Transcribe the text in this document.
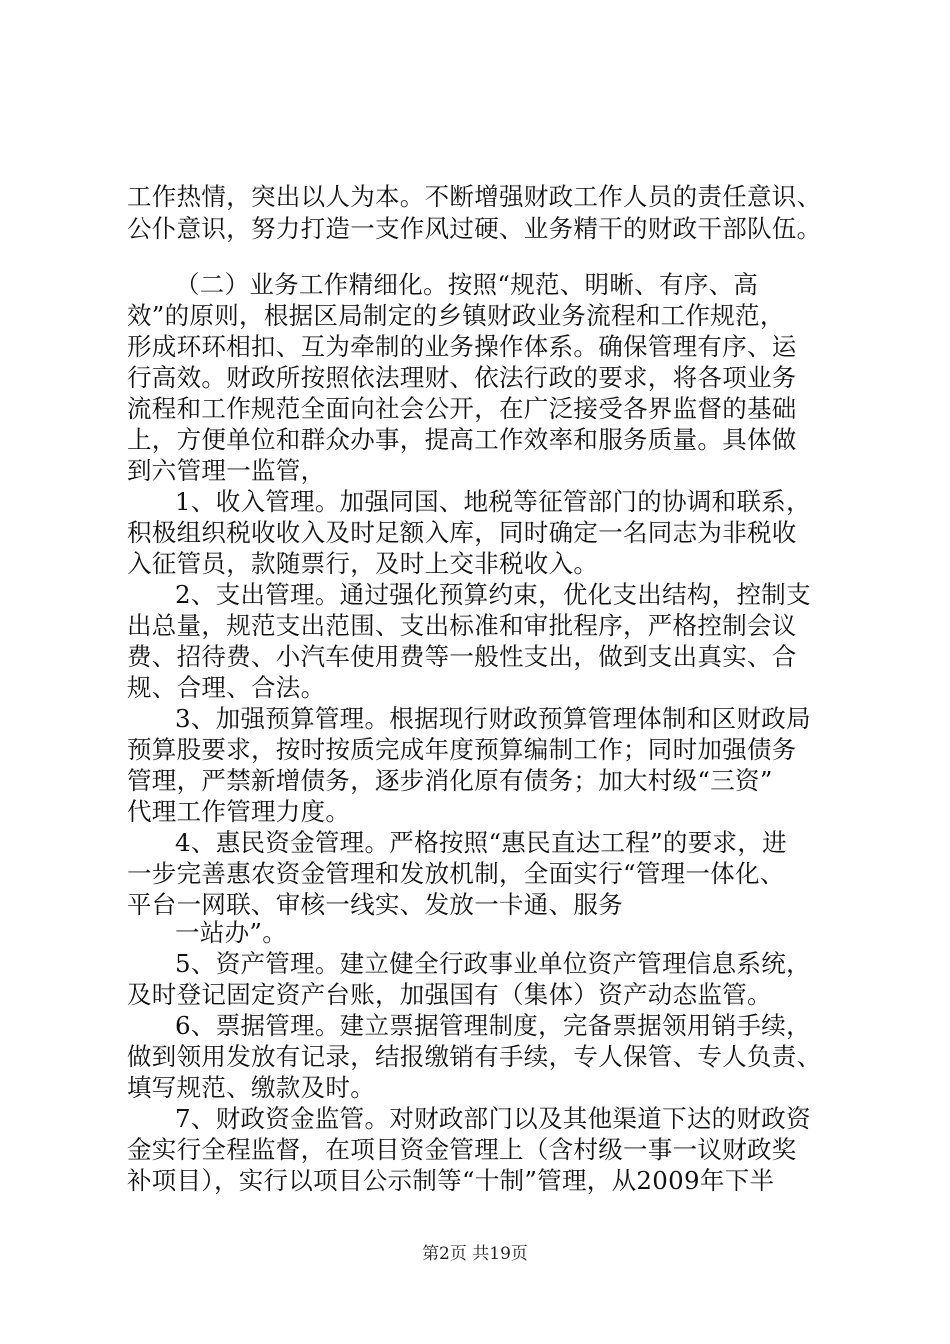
工作热情，突出以人为本。不断增强财政工作人员的责任意识、
公仆意识，努力打造一支作风过硬、业务精干的财政干部队伍。
（二）业务工作精细化。按照“规范、明晰、有序、高
效”的原则，根据区局制定的乡镇财政业务流程和工作规范，
形成环环相扣、互为牵制的业务操作体系。确保管理有序、运
行高效。财政所按照依法理财、依法行政的要求，将各项业务
流程和工作规范全面向社会公开，在广泛接受各界监督的基础
上，方便单位和群众办事，提高工作效率和服务质量。具体做
到六管理一监管，
1、收入管理。加强同国、地税等征管部门的协调和联系，
积极组织税收收入及时足额入库，同时确定一名同志为非税收
入征管员，款随票行，及时上交非税收入。
2、支出管理。通过强化预算约束，优化支出结构，控制支
出总量，规范支出范围、支出标准和审批程序，严格控制会议
费、招待费、小汽车使用费等一般性支出，做到支出真实、合
规、合理、合法。
3、加强预算管理。根据现行财政预算管理体制和区财政局
预算股要求，按时按质完成年度预算编制工作；同时加强债务
管理，严禁新增债务，逐步消化原有债务；加大村级“三资”
代理工作管理力度。
4、惠民资金管理。严格按照“惠民直达工程”的要求，进
一步完善惠农资金管理和发放机制，全面实行“管理一体化、
平台一网联、审核一线实、发放一卡通、服务
一站办”。
5、资产管理。建立健全行政事业单位资产管理信息系统，
及时登记固定资产台账，加强国有（集体）资产动态监管。
6、票据管理。建立票据管理制度，完备票据领用销手续，
做到领用发放有记录，结报缴销有手续，专人保管、专人负责、
填写规范、缴款及时。
7、财政资金监管。对财政部门以及其他渠道下达的财政资
金实行全程监督，在项目资金管理上（含村级一事一议财政奖
补项目），实行以项目公示制等“十制”管理，从2009年下半
第2页 共19页
